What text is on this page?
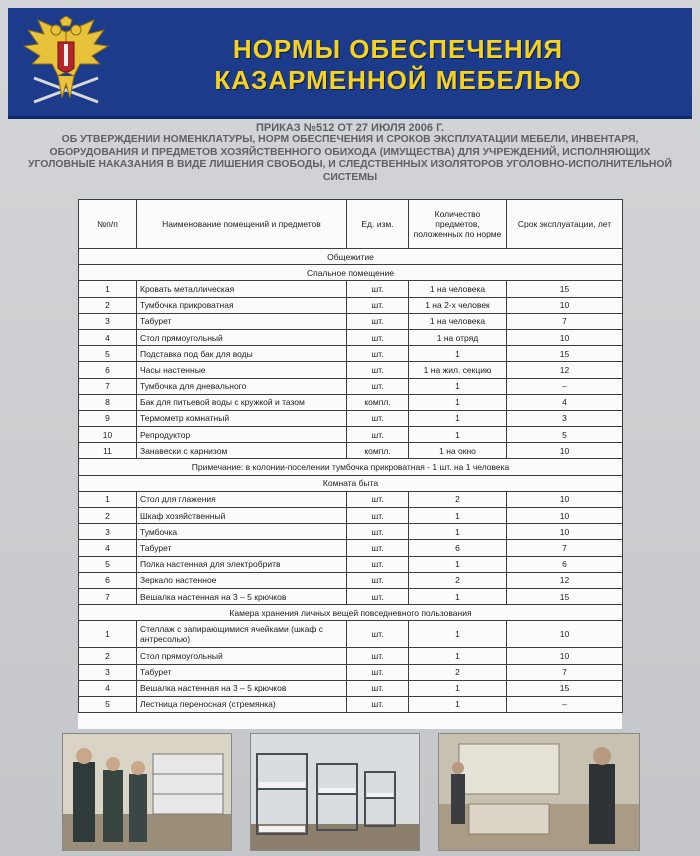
НОРМЫ ОБЕСПЕЧЕНИЯ
КАЗАРМЕННОЙ МЕБЕЛЬЮ
ПРИКАЗ №512 ОТ 27 ИЮЛЯ 2006 Г.
ОБ УТВЕРЖДЕНИИ НОМЕНКЛАТУРЫ, НОРМ ОБЕСПЕЧЕНИЯ И СРОКОВ ЭКСПЛУАТАЦИИ МЕБЕЛИ, ИНВЕНТАРЯ, ОБОРУДОВАНИЯ И ПРЕДМЕТОВ ХОЗЯЙСТВЕННОГО ОБИХОДА (ИМУЩЕСТВА) ДЛЯ УЧРЕЖДЕНИЙ, ИСПОЛНЯЮЩИХ УГОЛОВНЫЕ НАКАЗАНИЯ В ВИДЕ ЛИШЕНИЯ СВОБОДЫ, И СЛЕДСТВЕННЫХ ИЗОЛЯТОРОВ УГОЛОВНО-ИСПОЛНИТЕЛЬНОЙ СИСТЕМЫ
№п/п	Наименование помещений и предметов	Ед. изм.	Количество предметов, положенных по норме	Срок эксплуатации, лет
Общежитие				
Спальное помещение				
1	Кровать металлическая	шт.	1 на человека	15
2	Тумбочка прикроватная	шт.	1 на 2-х человек	10
3	Табурет	шт.	1 на человека	7
4	Стол прямоугольный	шт.	1 на отряд	10
5	Подставка под бак для воды	шт.	1	15
6	Часы настенные	шт.	1 на жил. секцию	12
7	Тумбочка для дневального	шт.	1	–
8	Бак для питьевой воды с кружкой и тазом	компл.	1	4
9	Термометр комнатный	шт.	1	3
10	Репродуктор	шт.	1	5
11	Занавески с карнизом	компл.	1 на окно	10
Примечание: в колонии-поселении тумбочка прикроватная - 1 шт. на 1 человека				
Комната быта				
1	Стол для глажения	шт.	2	10
2	Шкаф хозяйственный	шт.	1	10
3	Тумбочка	шт.	1	10
4	Табурет	шт.	6	7
5	Полка настенная для электробритв	шт.	1	6
6	Зеркало настенное	шт.	2	12
7	Вешалка настенная на 3 – 5 крючков	шт.	1	15
Камера хранения личных вещей повседневного пользования				
1	Стеллаж с запирающимися ячейками (шкаф с антресолью)	шт.	1	10
2	Стол прямоугольный	шт.	1	10
3	Табурет	шт.	2	7
4	Вешалка настенная на 3 – 5 крючков	шт.	1	15
5	Лестница переносная (стремянка)	шт.	1	–
